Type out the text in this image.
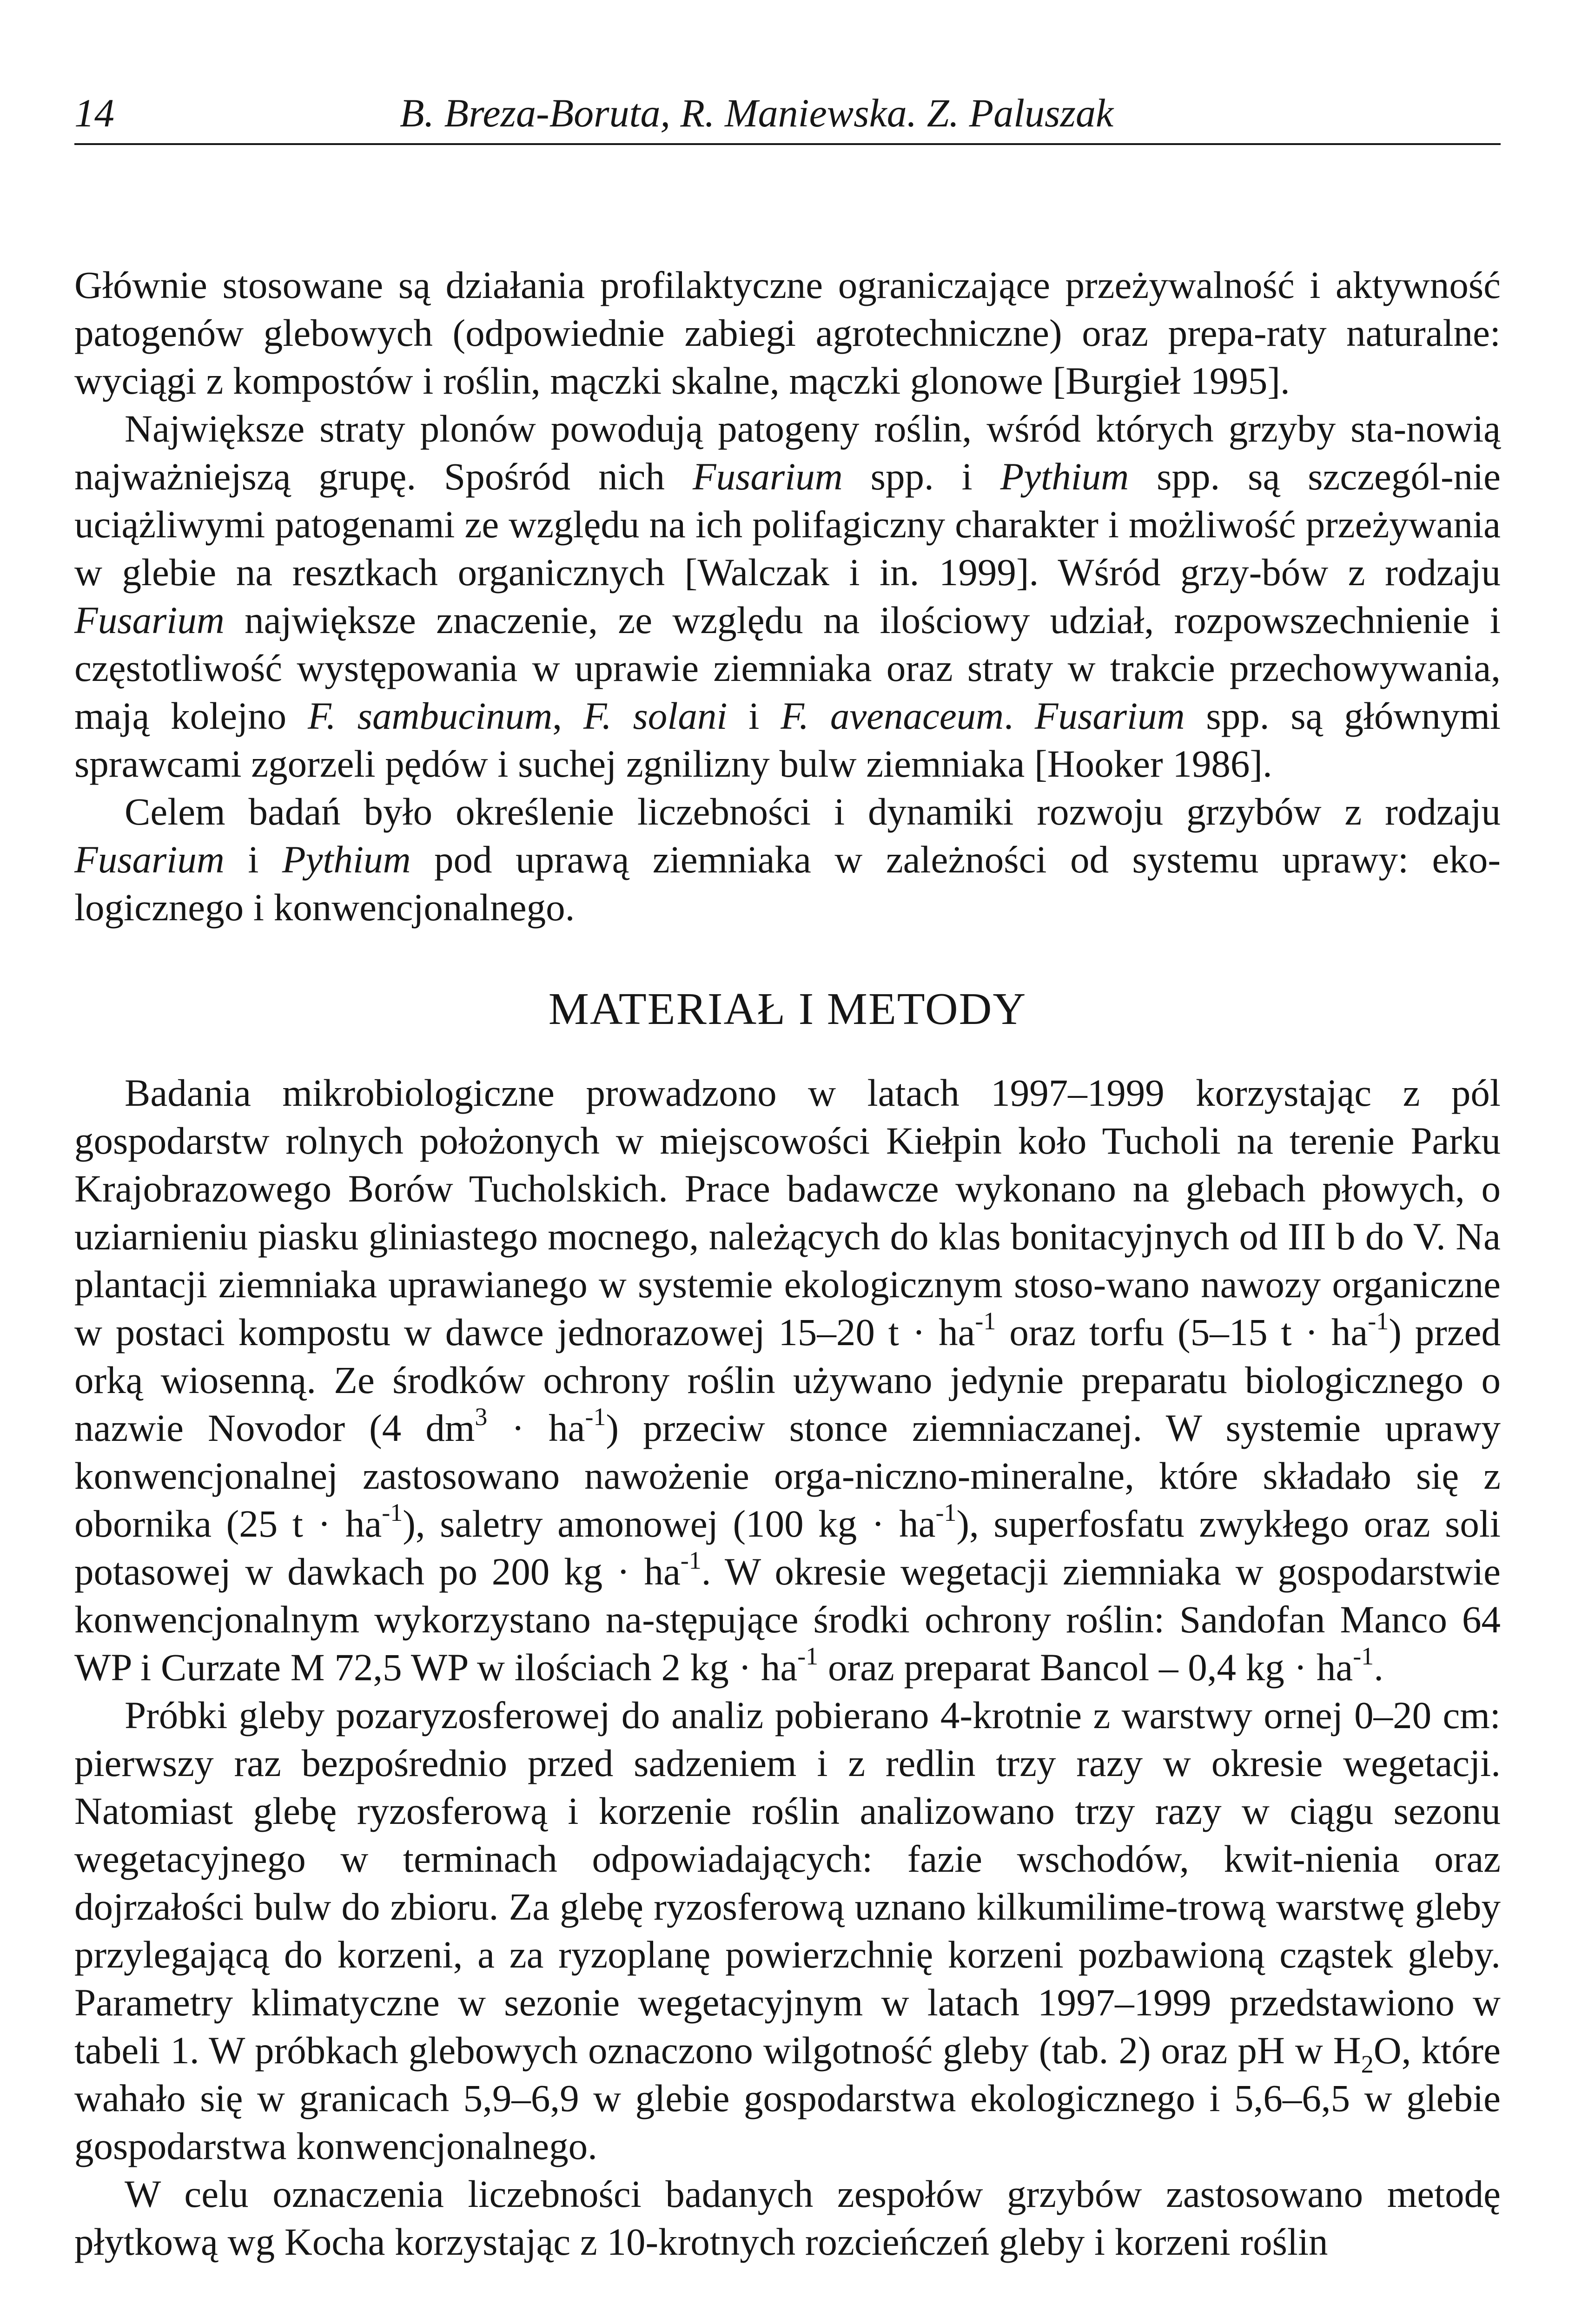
14	B. Breza-Boruta, R. Maniewska. Z. Paluszak

Głównie stosowane są działania profilaktyczne ograniczające przeżywalność i aktywność patogenów glebowych (odpowiednie zabiegi agrotechniczne) oraz prepa-raty naturalne: wyciągi z kompostów i roślin, mączki skalne, mączki glonowe [Burgieł 1995].

Największe straty plonów powodują patogeny roślin, wśród których grzyby sta-nowią najważniejszą grupę. Spośród nich Fusarium spp. i Pythium spp. są szczegól-nie uciążliwymi patogenami ze względu na ich polifagiczny charakter i możliwość przeżywania w glebie na resztkach organicznych [Walczak i in. 1999]. Wśród grzy-bów z rodzaju Fusarium największe znaczenie, ze względu na ilościowy udział, rozpowszechnienie i częstotliwość występowania w uprawie ziemniaka oraz straty w trakcie przechowywania, mają kolejno F. sambucinum, F. solani i F. avenaceum. Fusarium spp. są głównymi sprawcami zgorzeli pędów i suchej zgnilizny bulw ziemniaka [Hooker 1986].

Celem badań było określenie liczebności i dynamiki rozwoju grzybów z rodzaju Fusarium i Pythium pod uprawą ziemniaka w zależności od systemu uprawy: eko-logicznego i konwencjonalnego.

MATERIAŁ I METODY

Badania mikrobiologiczne prowadzono w latach 1997–1999 korzystając z pól gospodarstw rolnych położonych w miejscowości Kiełpin koło Tucholi na terenie Parku Krajobrazowego Borów Tucholskich. Prace badawcze wykonano na glebach płowych, o uziarnieniu piasku gliniastego mocnego, należących do klas bonitacyjnych od III b do V. Na plantacji ziemniaka uprawianego w systemie ekologicznym stoso-wano nawozy organiczne w postaci kompostu w dawce jednorazowej 15–20 $t \cdot ha^{-1}$ oraz torfu (5–15 $t \cdot ha^{-1}$) przed orką wiosenną. Ze środków ochrony roślin używano jedynie preparatu biologicznego o nazwie Novodor (4 $dm^3 \cdot ha^{-1}$) przeciw stonce ziemniaczanej. W systemie uprawy konwencjonalnej zastosowano nawożenie orga-niczno-mineralne, które składało się z obornika (25 $t \cdot ha^{-1}$), saletry amonowej (100 kg · $ha^{-1}$), superfosfatu zwykłego oraz soli potasowej w dawkach po 200 kg · $ha^{-1}$. W okresie wegetacji ziemniaka w gospodarstwie konwencjonalnym wykorzystano na-stępujące środki ochrony roślin: Sandofan Manco 64 WP i Curzate M 72,5 WP w ilościach 2 kg · $ha^{-1}$ oraz preparat Bancol – 0,4 kg · $ha^{-1}$.

Próbki gleby pozaryzosferowej do analiz pobierano 4-krotnie z warstwy ornej 0–20 cm: pierwszy raz bezpośrednio przed sadzeniem i z redlin trzy razy w okresie wegetacji. Natomiast glebę ryzosferową i korzenie roślin analizowano trzy razy w ciągu sezonu wegetacyjnego w terminach odpowiadających: fazie wschodów, kwit-nienia oraz dojrzałości bulw do zbioru. Za glebę ryzosferową uznano kilkumilime-trową warstwę gleby przylegającą do korzeni, a za ryzoplanę powierzchnię korzeni pozbawioną cząstek gleby. Parametry klimatyczne w sezonie wegetacyjnym w latach 1997–1999 przedstawiono w tabeli 1. W próbkach glebowych oznaczono wilgotność gleby (tab. 2) oraz pH w $H_2O$, które wahało się w granicach 5,9–6,9 w glebie gospodarstwa ekologicznego i 5,6–6,5 w glebie gospodarstwa konwencjonalnego.

W celu oznaczenia liczebności badanych zespołów grzybów zastosowano metodę płytkową wg Kocha korzystając z 10-krotnych rozcieńczeń gleby i korzeni roślin
